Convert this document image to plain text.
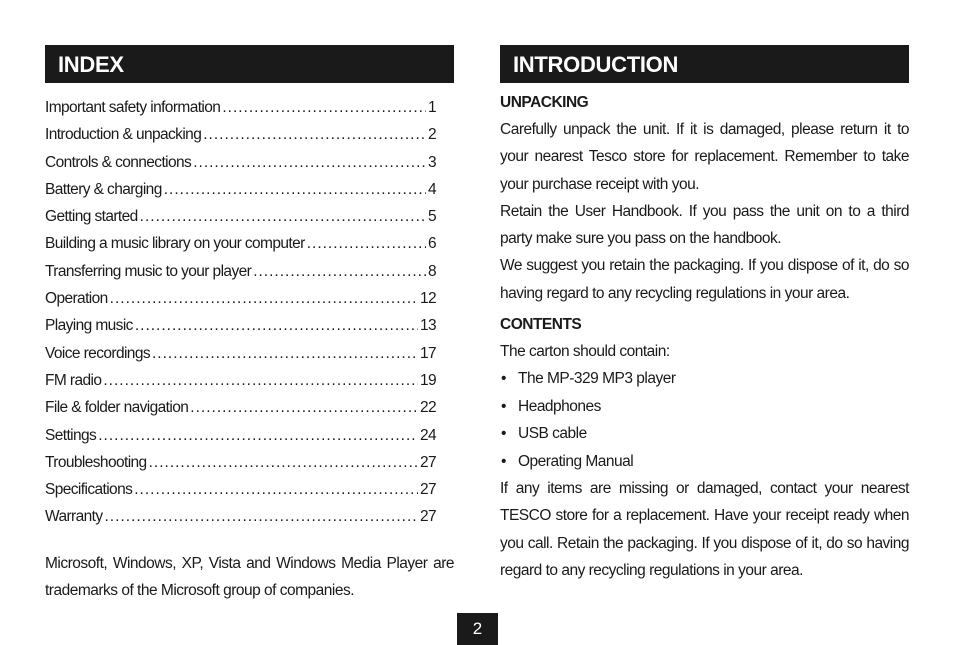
INDEX
Important safety information .....	1
Introduction & unpacking .....	2
Controls & connections .....	3
Battery & charging .....	4
Getting started .....	5
Building a music library on your computer .....	6
Transferring music to your player .....	8
Operation .....	12
Playing music .....	13
Voice recordings .....	17
FM radio .....	19
File & folder navigation .....	22
Settings .....	24
Troubleshooting .....	27
Specifications .....	27
Warranty .....	27

Microsoft, Windows, XP, Vista and Windows Media Player are trademarks of the Microsoft group of companies.

INTRODUCTION
UNPACKING

Carefully unpack the unit. If it is damaged, please return it to your nearest Tesco store for replacement. Remember to take your purchase receipt with you.

Retain the User Handbook. If you pass the unit on to a third party make sure you pass on the handbook.

We suggest you retain the packaging. If you dispose of it, do so having regard to any recycling regulations in your area.

CONTENTS

The carton should contain:

• The MP-329 MP3 player
• Headphones
• USB cable
• Operating Manual

If any items are missing or damaged, contact your nearest TESCO store for a replacement. Have your receipt ready when you call. Retain the packaging. If you dispose of it, do so having regard to any recycling regulations in your area.

2
